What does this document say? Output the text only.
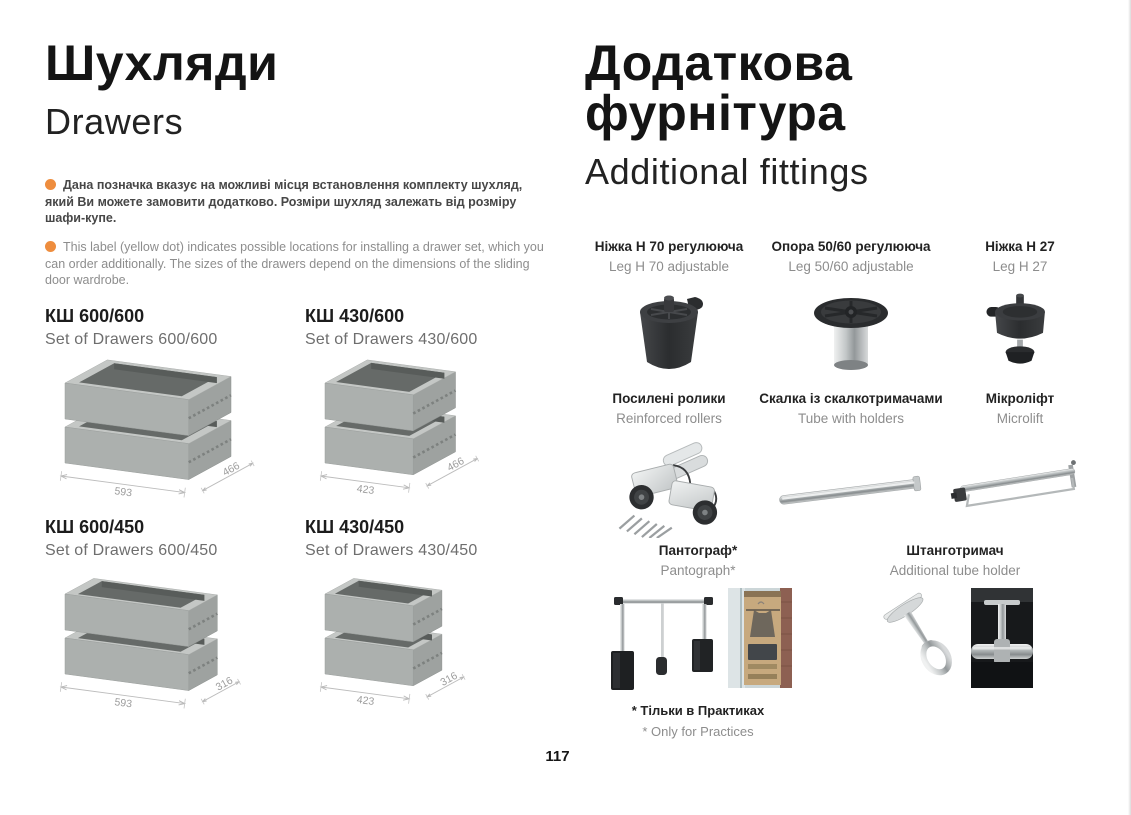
Шухляди
Drawers

Дана позначка вказує на можливі місця встановлення комплекту шухляд, який Ви можете замовити додатково. Розміри шухляд залежать від розміру шафи-купе.

This label (yellow dot) indicates possible locations for installing a drawer set, which you can order additionally. The sizes of the drawers depend on the dimensions of the sliding door wardrobe.

КШ 600/600
Set of Drawers 600/600
593
466
КШ 430/600
Set of Drawers 430/600
423
466
КШ 600/450
Set of Drawers 600/450
593
316
КШ 430/450
Set of Drawers 430/450
423
316
Додаткова фурнітура
Additional fittings
Ніжка Н 70 регулююча
Leg H 70 adjustable
Опора 50/60 регулююча
Leg 50/60 adjustable
Ніжка Н 27
Leg H 27
Посилені ролики
Reinforced rollers
Скалка із скалкотримачами
Tube with holders
Мікроліфт
Microlift
Пантограф*
Pantograph*
* Тільки в Практиках
* Only for Practices
Штанготримач
Additional tube holder
117
